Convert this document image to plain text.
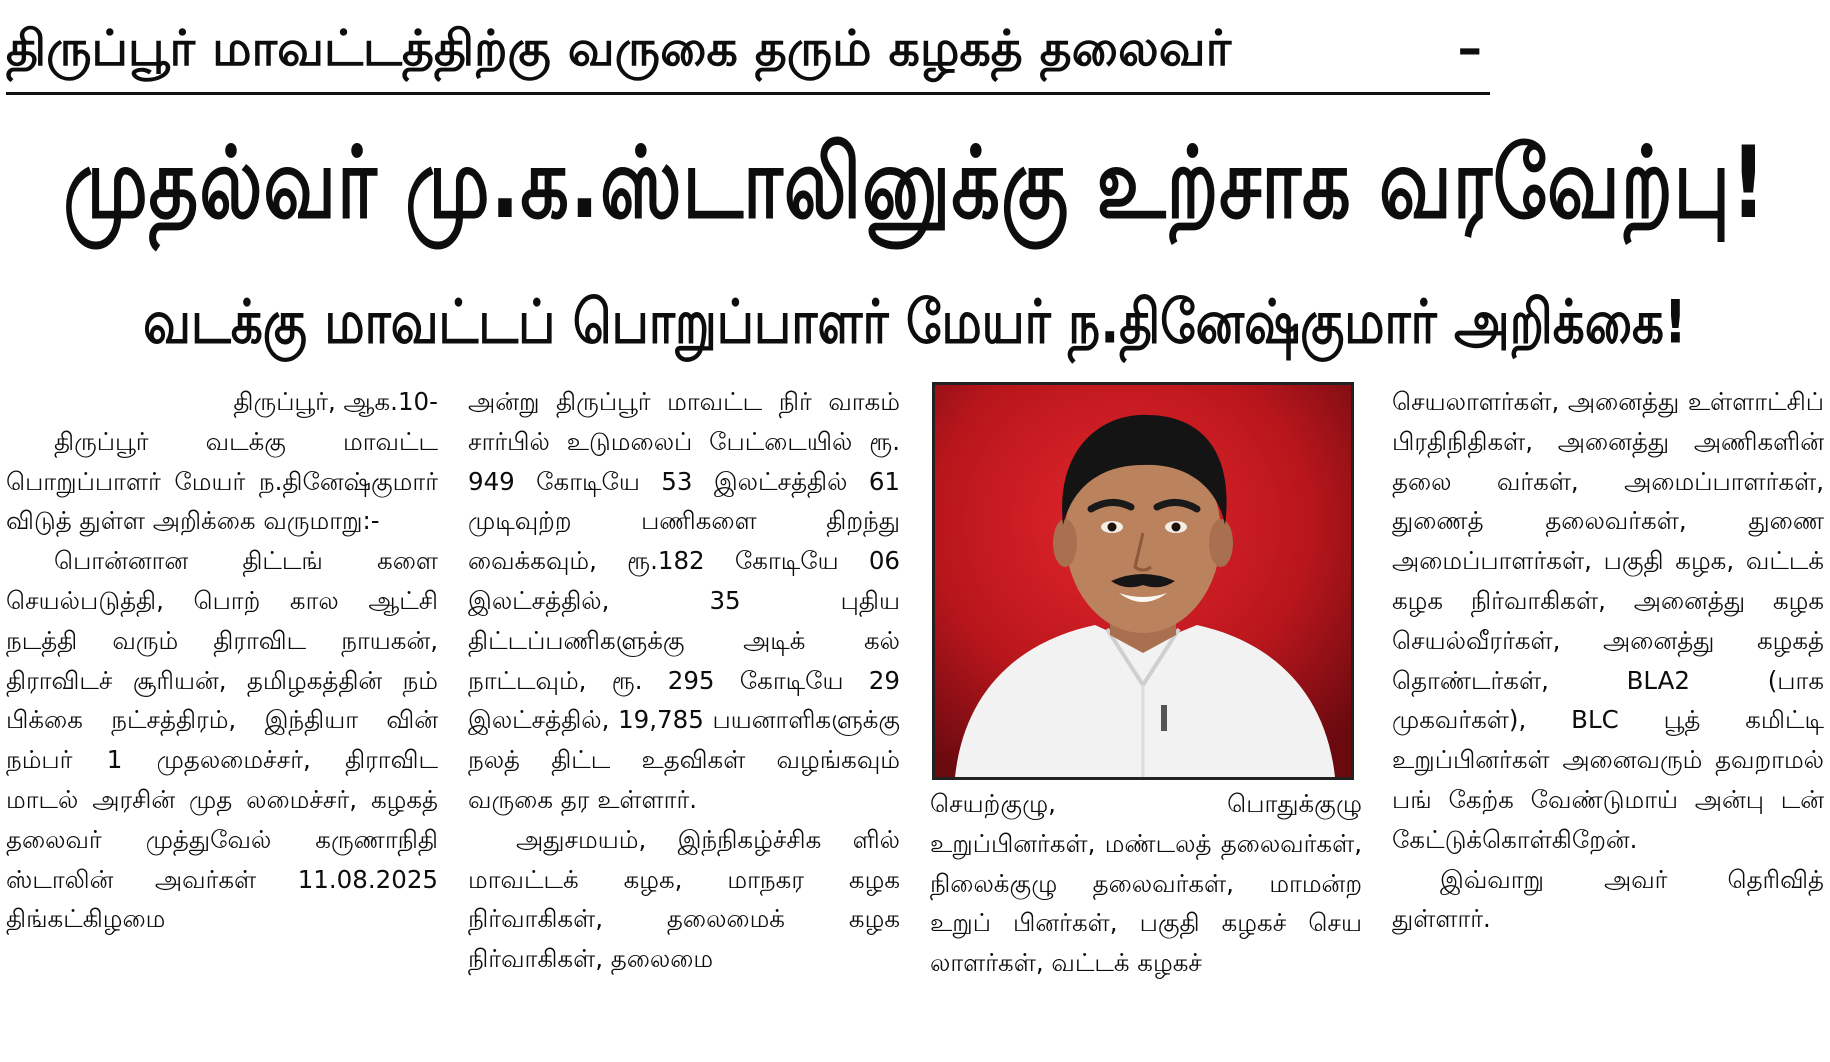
திருப்பூர் மாவட்டத்திற்கு வருகை தரும் கழகத் தலைவர்	–
முதல்வர் மு.க.ஸ்டாலினுக்கு உற்சாக வரவேற்பு!
வடக்கு மாவட்டப் பொறுப்பாளர் மேயர் ந.தினேஷ்குமார் அறிக்கை!

திருப்பூர், ஆக.10-

திருப்பூர் வடக்கு மாவட்ட பொறுப்பாளர் மேயர் ந.தினேஷ்குமார் விடுத் துள்ள அறிக்கை வருமாறு:-

பொன்னான திட்டங் களை செயல்படுத்தி, பொற் கால ஆட்சி நடத்தி வரும் திராவிட நாயகன், திராவிடச் சூரியன், தமிழகத்தின் நம் பிக்கை நட்சத்திரம், இந்தியா வின் நம்பர் 1 முதலமைச்சர், திராவிட மாடல் அரசின் முத லமைச்சர், கழகத் தலைவர் முத்துவேல் கருணாநிதி ஸ்டாலின் அவர்கள் 11.08.2025 திங்கட்கிழமை

அன்று திருப்பூர் மாவட்ட நிர் வாகம் சார்பில் உடுமலைப் பேட்டையில் ரூ. 949 கோடியே 53 இலட்சத்தில் 61 முடிவுற்ற பணிகளை திறந்து வைக்கவும், ரூ.182 கோடியே 06 இலட்சத்தில், 35 புதிய திட்டப்பணிகளுக்கு அடிக் கல் நாட்டவும், ரூ. 295 கோடியே 29 இலட்சத்தில், 19,785 பயனாளிகளுக்கு நலத் திட்ட உதவிகள் வழங்கவும் வருகை தர உள்ளார்.

அதுசமயம், இந்நிகழ்ச்சிக ளில் மாவட்டக் கழக, மாநகர கழக நிர்வாகிகள், தலைமைக் கழக நிர்வாகிகள், தலைமை

செயற்குழு, பொதுக்குழு உறுப்பினர்கள், மண்டலத் தலைவர்கள், நிலைக்குழு தலைவர்கள், மாமன்ற உறுப் பினர்கள், பகுதி கழகச் செய லாளர்கள், வட்டக் கழகச்

செயலாளர்கள், அனைத்து உள்ளாட்சிப் பிரதிநிதிகள், அனைத்து அணிகளின் தலை வர்கள், அமைப்பாளர்கள், துணைத் தலைவர்கள், துணை அமைப்பாளர்கள், பகுதி கழக, வட்டக் கழக நிர்வாகிகள், அனைத்து கழக செயல்வீரர்கள், அனைத்து கழகத் தொண்டர்கள், BLA2 (பாக முகவர்கள்), BLC பூத் கமிட்டி உறுப்பினர்கள் அனைவரும் தவறாமல் பங் கேற்க வேண்டுமாய் அன்பு டன் கேட்டுக்கொள்கிறேன்.

இவ்வாறு அவர் தெரிவித் துள்ளார்.
